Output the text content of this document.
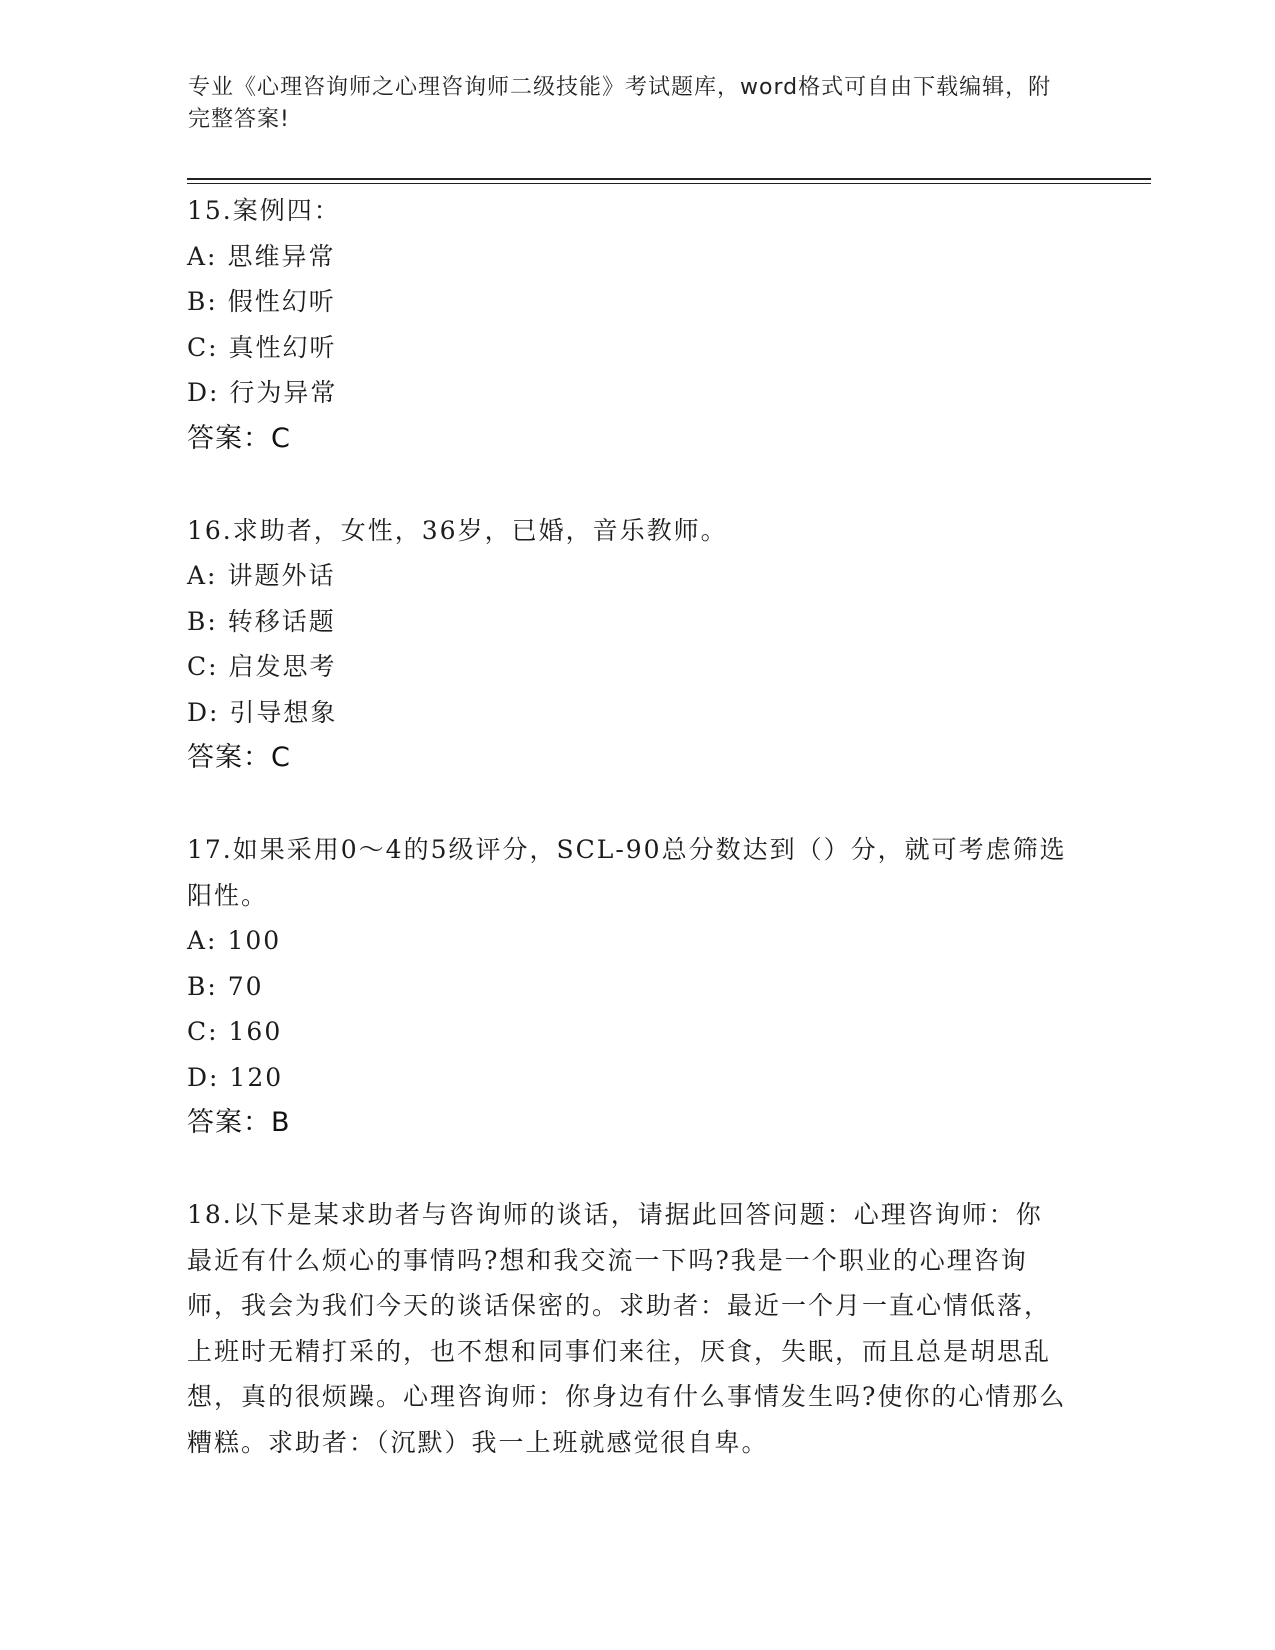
专业《心理咨询师之心理咨询师二级技能》考试题库，word格式可自由下载编辑，附完整答案!
15.案例四：
A: 思维异常
B: 假性幻听
C: 真性幻听
D: 行为异常
答案：C
16.求助者，女性，36岁，已婚，音乐教师。
A: 讲题外话
B: 转移话题
C: 启发思考
D: 引导想象
答案：C
17.如果采用0～4的5级评分，SCL-90总分数达到（）分，就可考虑筛选阳性。
A: 100
B: 70
C: 160
D: 120
答案：B
18.以下是某求助者与咨询师的谈话，请据此回答问题：心理咨询师：你最近有什么烦心的事情吗?想和我交流一下吗?我是一个职业的心理咨询师，我会为我们今天的谈话保密的。求助者：最近一个月一直心情低落，上班时无精打采的，也不想和同事们来往，厌食，失眠，而且总是胡思乱想，真的很烦躁。心理咨询师：你身边有什么事情发生吗?使你的心情那么糟糕。求助者：（沉默）我一上班就感觉很自卑。
